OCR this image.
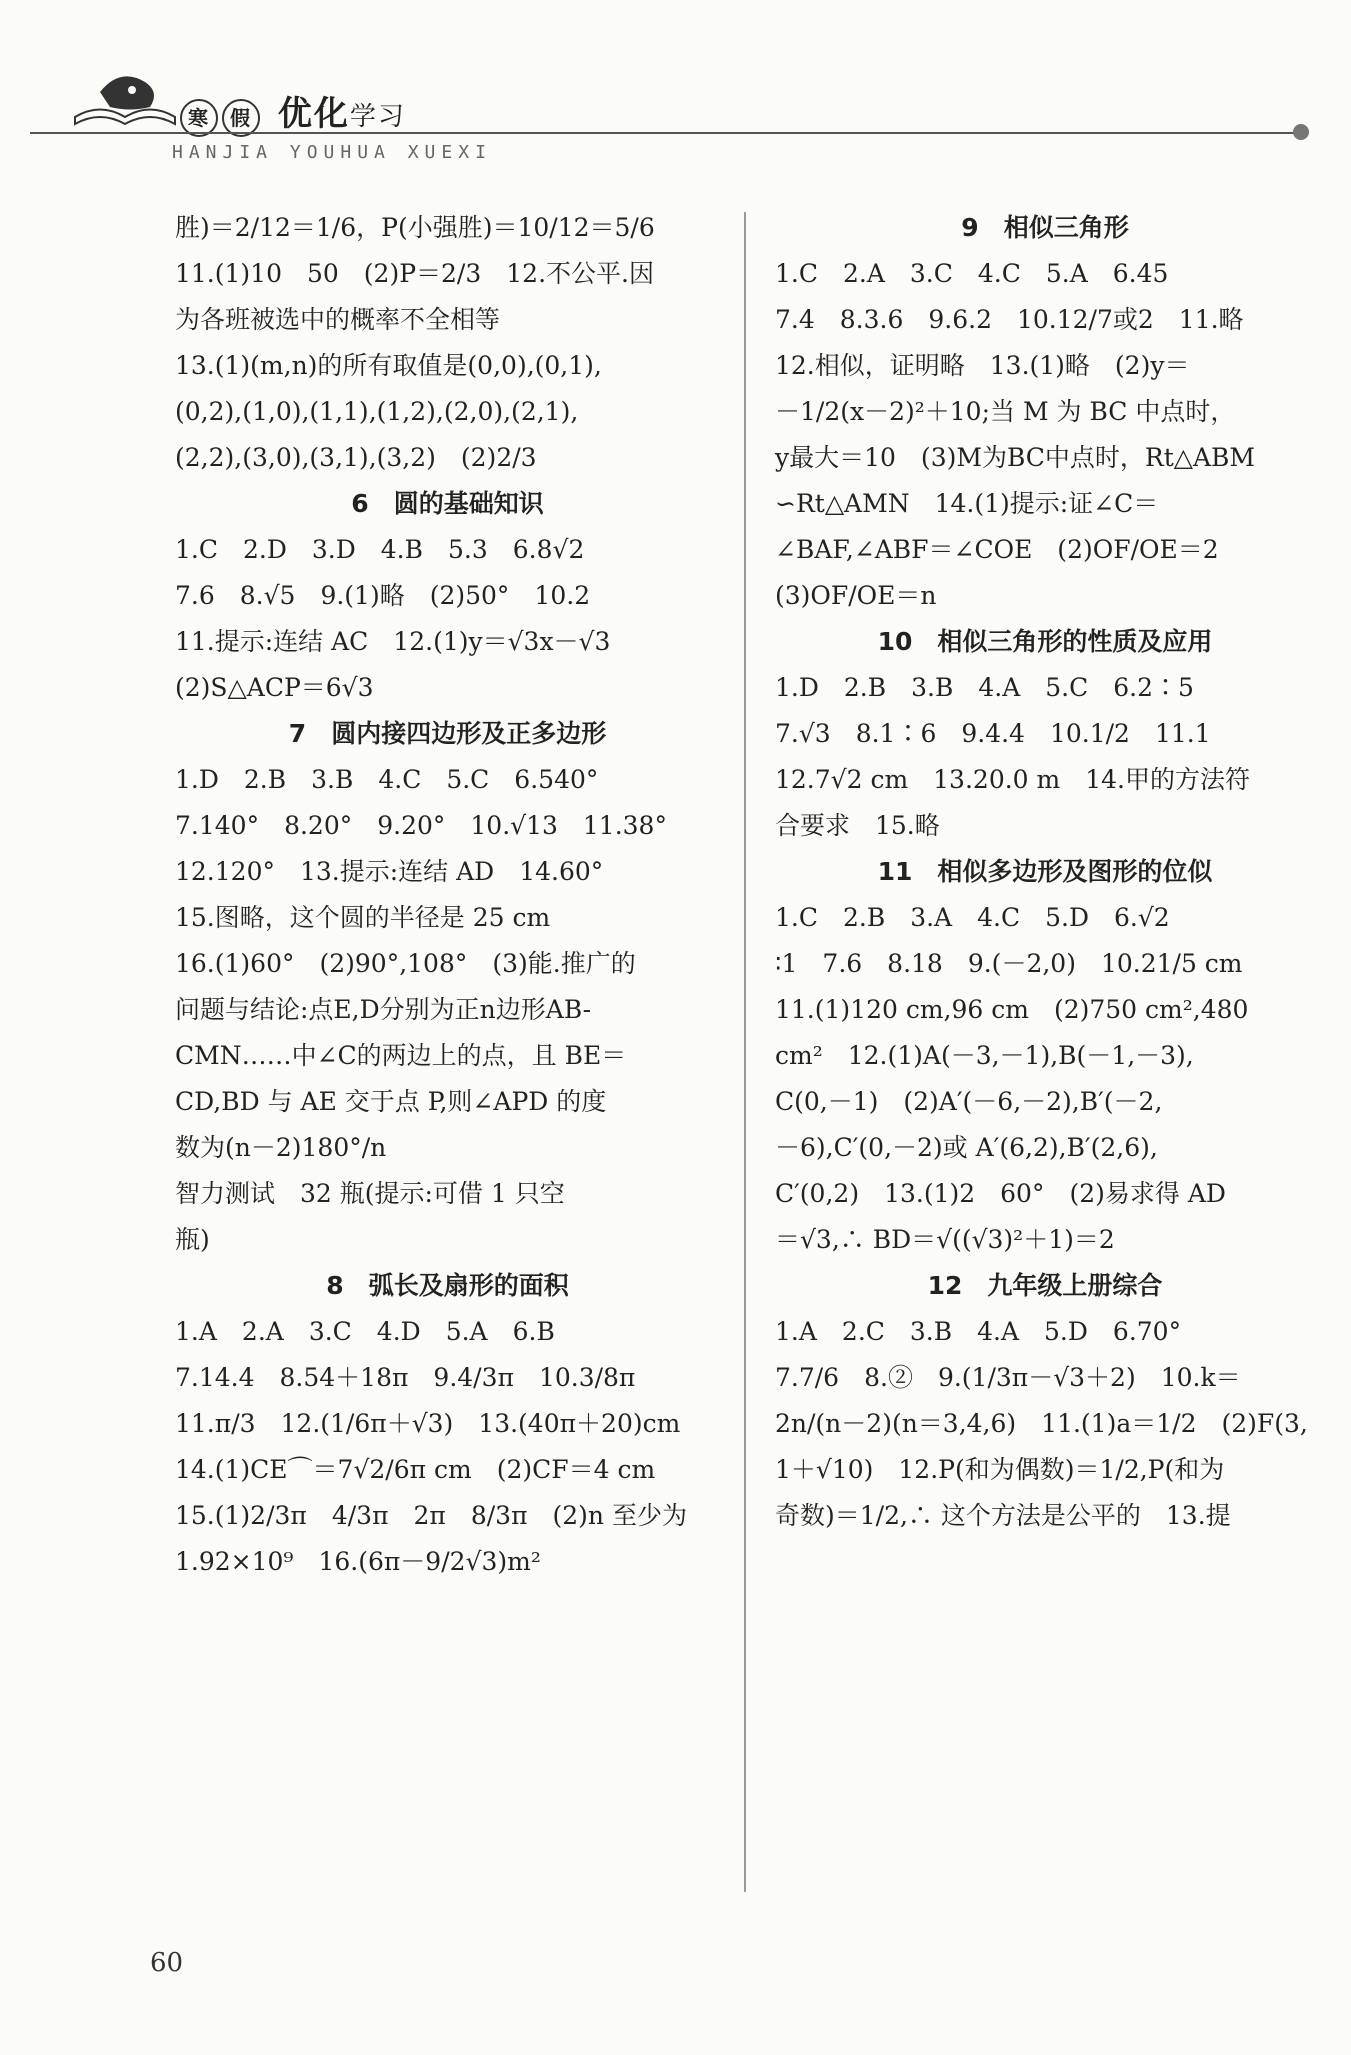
寒 假 优化学习
HANJIA YOUHUA XUEXI
胜)＝2/12＝1/6，P(小强胜)＝10/12＝5/6
11.(1)10　50　(2)P＝2/3　12.不公平.因
为各班被选中的概率不全相等
13.(1)(m,n)的所有取值是(0,0),(0,1),
(0,2),(1,0),(1,1),(1,2),(2,0),(2,1),
(2,2),(3,0),(3,1),(3,2)　(2)2/3
6　圆的基础知识
1.C　2.D　3.D　4.B　5.3　6.8√2
7.6　8.√5　9.(1)略　(2)50°　10.2
11.提示:连结 AC　12.(1)y＝√3x－√3
(2)S△ACP＝6√3
7　圆内接四边形及正多边形
1.D　2.B　3.B　4.C　5.C　6.540°
7.140°　8.20°　9.20°　10.√13　11.38°
12.120°　13.提示:连结 AD　14.60°
15.图略，这个圆的半径是 25 cm
16.(1)60°　(2)90°,108°　(3)能.推广的
问题与结论:点E,D分别为正n边形AB-
CMN……中∠C的两边上的点，且 BE＝
CD,BD 与 AE 交于点 P,则∠APD 的度
数为(n－2)180°/n
智力测试　32 瓶(提示:可借 1 只空
瓶)
8　弧长及扇形的面积
1.A　2.A　3.C　4.D　5.A　6.B
7.14.4　8.54＋18π　9.4/3π　10.3/8π
11.π/3　12.(1/6π＋√3)　13.(40π＋20)cm
14.(1)CE⌒＝7√2/6π cm　(2)CF＝4 cm
15.(1)2/3π　4/3π　2π　8/3π　(2)n 至少为
1.92×10⁹　16.(6π－9/2√3)m²
9　相似三角形
1.C　2.A　3.C　4.C　5.A　6.45
7.4　8.3.6　9.6.2　10.12/7或2　11.略
12.相似，证明略　13.(1)略　(2)y＝
－1/2(x－2)²＋10;当 M 为 BC 中点时，
y最大＝10　(3)M为BC中点时，Rt△ABM
∽Rt△AMN　14.(1)提示:证∠C＝
∠BAF,∠ABF＝∠COE　(2)OF/OE＝2
(3)OF/OE＝n
10　相似三角形的性质及应用
1.D　2.B　3.B　4.A　5.C　6.2∶5
7.√3　8.1∶6　9.4.4　10.1/2　11.1
12.7√2 cm　13.20.0 m　14.甲的方法符
合要求　15.略
11　相似多边形及图形的位似
1.C　2.B　3.A　4.C　5.D　6.√2
∶1　7.6　8.18　9.(－2,0)　10.21/5 cm
11.(1)120 cm,96 cm　(2)750 cm²,480
cm²　12.(1)A(－3,－1),B(－1,－3),
C(0,－1)　(2)A′(－6,－2),B′(－2,
－6),C′(0,－2)或 A′(6,2),B′(2,6),
C′(0,2)　13.(1)2　60°　(2)易求得 AD
＝√3,∴ BD＝√((√3)²＋1)＝2
12　九年级上册综合
1.A　2.C　3.B　4.A　5.D　6.70°
7.7/6　8.②　9.(1/3π－√3＋2)　10.k＝
2n/(n－2)(n＝3,4,6)　11.(1)a＝1/2　(2)F(3,
1＋√10)　12.P(和为偶数)＝1/2,P(和为
奇数)＝1/2,∴ 这个方法是公平的　13.提
60
